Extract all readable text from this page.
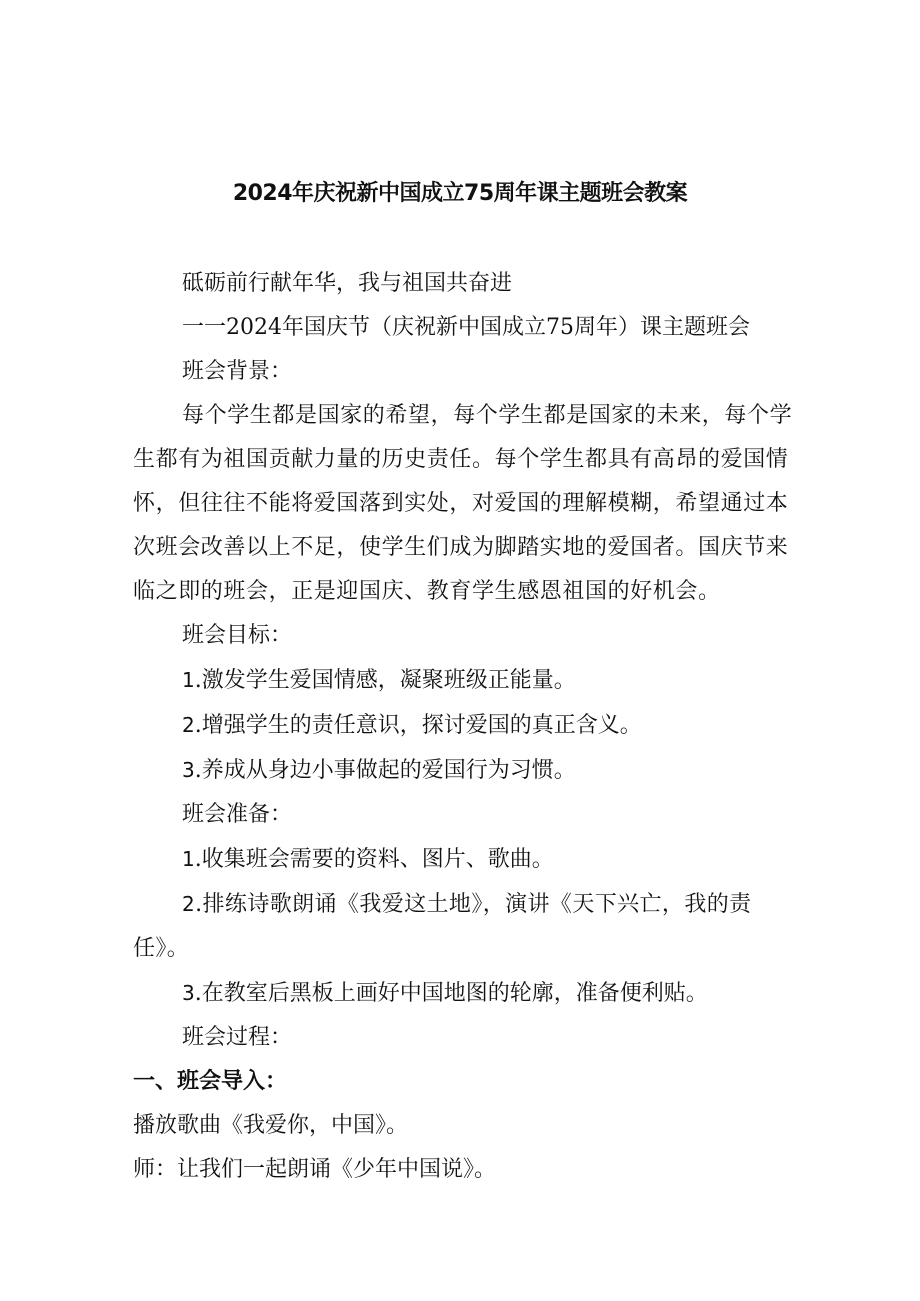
2024年庆祝新中国成立75周年课主题班会教案

砥砺前行献年华，我与祖国共奋进

一一2024年国庆节（庆祝新中国成立75周年）课主题班会

班会背景：

每个学生都是国家的希望，每个学生都是国家的未来，每个学生都有为祖国贡献力量的历史责任。每个学生都具有高昂的爱国情怀，但往往不能将爱国落到实处，对爱国的理解模糊，希望通过本次班会改善以上不足，使学生们成为脚踏实地的爱国者。国庆节来临之即的班会，正是迎国庆、教育学生感恩祖国的好机会。

班会目标：

1.激发学生爱国情感，凝聚班级正能量。

2.增强学生的责任意识，探讨爱国的真正含义。

3.养成从身边小事做起的爱国行为习惯。

班会准备：

1.收集班会需要的资料、图片、歌曲。

2.排练诗歌朗诵《我爱这土地》，演讲《天下兴亡，我的责任》。

3.在教室后黑板上画好中国地图的轮廓，准备便利贴。

班会过程：

一、班会导入：

播放歌曲《我爱你，中国》。

师：让我们一起朗诵《少年中国说》。
